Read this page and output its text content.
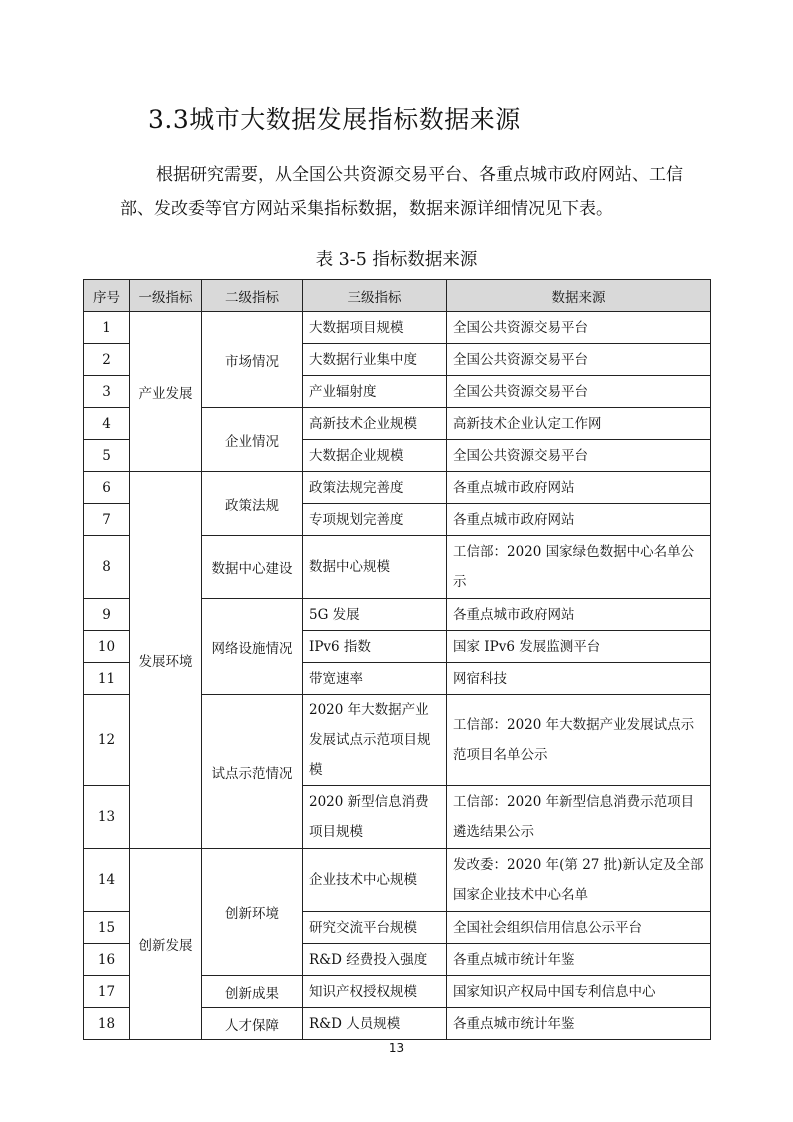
3.3城市大数据发展指标数据来源

根据研究需要，从全国公共资源交易平台、各重点城市政府网站、工信部、发改委等官方网站采集指标数据，数据来源详细情况见下表。

表 3-5 指标数据来源

序号	一级指标	二级指标	三级指标	数据来源
1	产业发展	市场情况	大数据项目规模	全国公共资源交易平台
2			大数据行业集中度	全国公共资源交易平台
3			产业辐射度	全国公共资源交易平台
4		企业情况	高新技术企业规模	高新技术企业认定工作网
5			大数据企业规模	全国公共资源交易平台
6	发展环境	政策法规	政策法规完善度	各重点城市政府网站
7			专项规划完善度	各重点城市政府网站
8		数据中心建设	数据中心规模	工信部：2020 国家绿色数据中心名单公示
9		网络设施情况	5G 发展	各重点城市政府网站
10			IPv6 指数	国家 IPv6 发展监测平台
11			带宽速率	网宿科技
12		试点示范情况	2020 年大数据产业发展试点示范项目规模	工信部：2020 年大数据产业发展试点示范项目名单公示
13			2020 新型信息消费项目规模	工信部：2020 年新型信息消费示范项目遴选结果公示
14	创新发展	创新环境	企业技术中心规模	发改委：2020 年(第 27 批)新认定及全部国家企业技术中心名单
15			研究交流平台规模	全国社会组织信用信息公示平台
16			R&D 经费投入强度	各重点城市统计年鉴
17		创新成果	知识产权授权规模	国家知识产权局中国专利信息中心
18		人才保障	R&D 人员规模	各重点城市统计年鉴
13
